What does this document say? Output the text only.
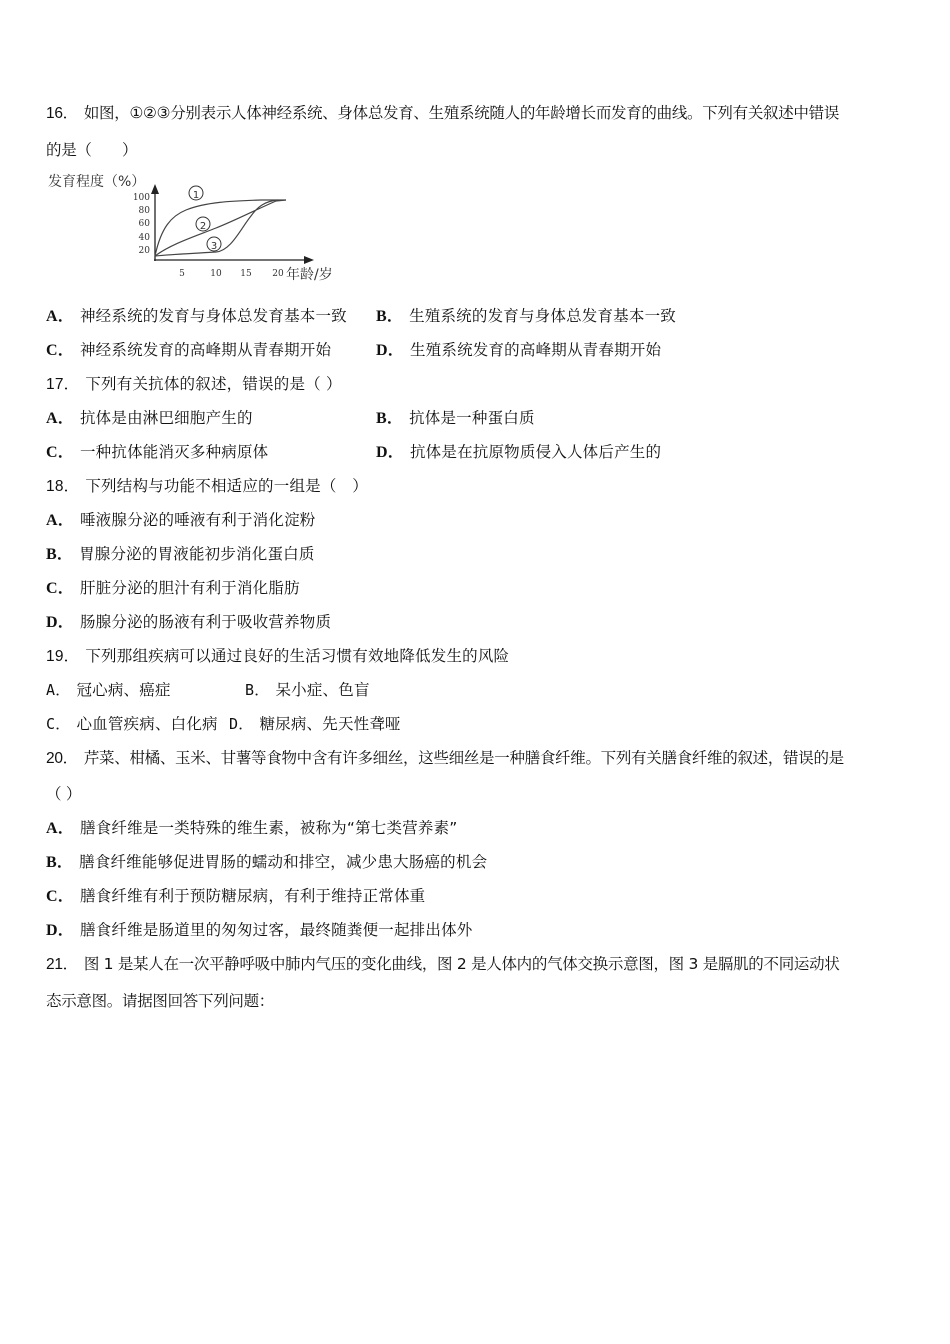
16． 如图，①②③分别表示人体神经系统、身体总发育、生殖系统随人的年龄增长而发育的曲线。下列有关叙述中错误
的是（　　）
发育程度（%）
100
80
60
40
20
5	10 15 20 年龄/岁
1
2
3
A． 神经系统的发育与身体总发育基本一致 B． 生殖系统的发育与身体总发育基本一致
C． 神经系统发育的高峰期从青春期开始	D． 生殖系统发育的高峰期从青春期开始
17． 下列有关抗体的叙述，错误的是（ ）
A． 抗体是由淋巴细胞产生的	B． 抗体是一种蛋白质
C． 一种抗体能消灭多种病原体	D． 抗体是在抗原物质侵入人体后产生的
18． 下列结构与功能不相适应的一组是（　）
A． 唾液腺分泌的唾液有利于消化淀粉
B． 胃腺分泌的胃液能初步消化蛋白质
C． 肝脏分泌的胆汁有利于消化脂肪
D． 肠腺分泌的肠液有利于吸收营养物质
19． 下列那组疾病可以通过良好的生活习惯有效地降低发生的风险
A． 冠心病、癌症	B． 呆小症、色盲
C． 心血管疾病、白化病 D． 糖尿病、先天性聋哑
20． 芹菜、柑橘、玉米、甘薯等食物中含有许多细丝，这些细丝是一种膳食纤维。下列有关膳食纤维的叙述，错误的是
（ ）
A． 膳食纤维是一类特殊的维生素，被称为“第七类营养素”
B． 膳食纤维能够促进胃肠的蠕动和排空，减少患大肠癌的机会
C． 膳食纤维有利于预防糖尿病，有利于维持正常体重
D． 膳食纤维是肠道里的匆匆过客，最终随粪便一起排出体外
21． 图 1 是某人在一次平静呼吸中肺内气压的变化曲线，图 2 是人体内的气体交换示意图，图 3 是膈肌的不同运动状
态示意图。请据图回答下列问题：
